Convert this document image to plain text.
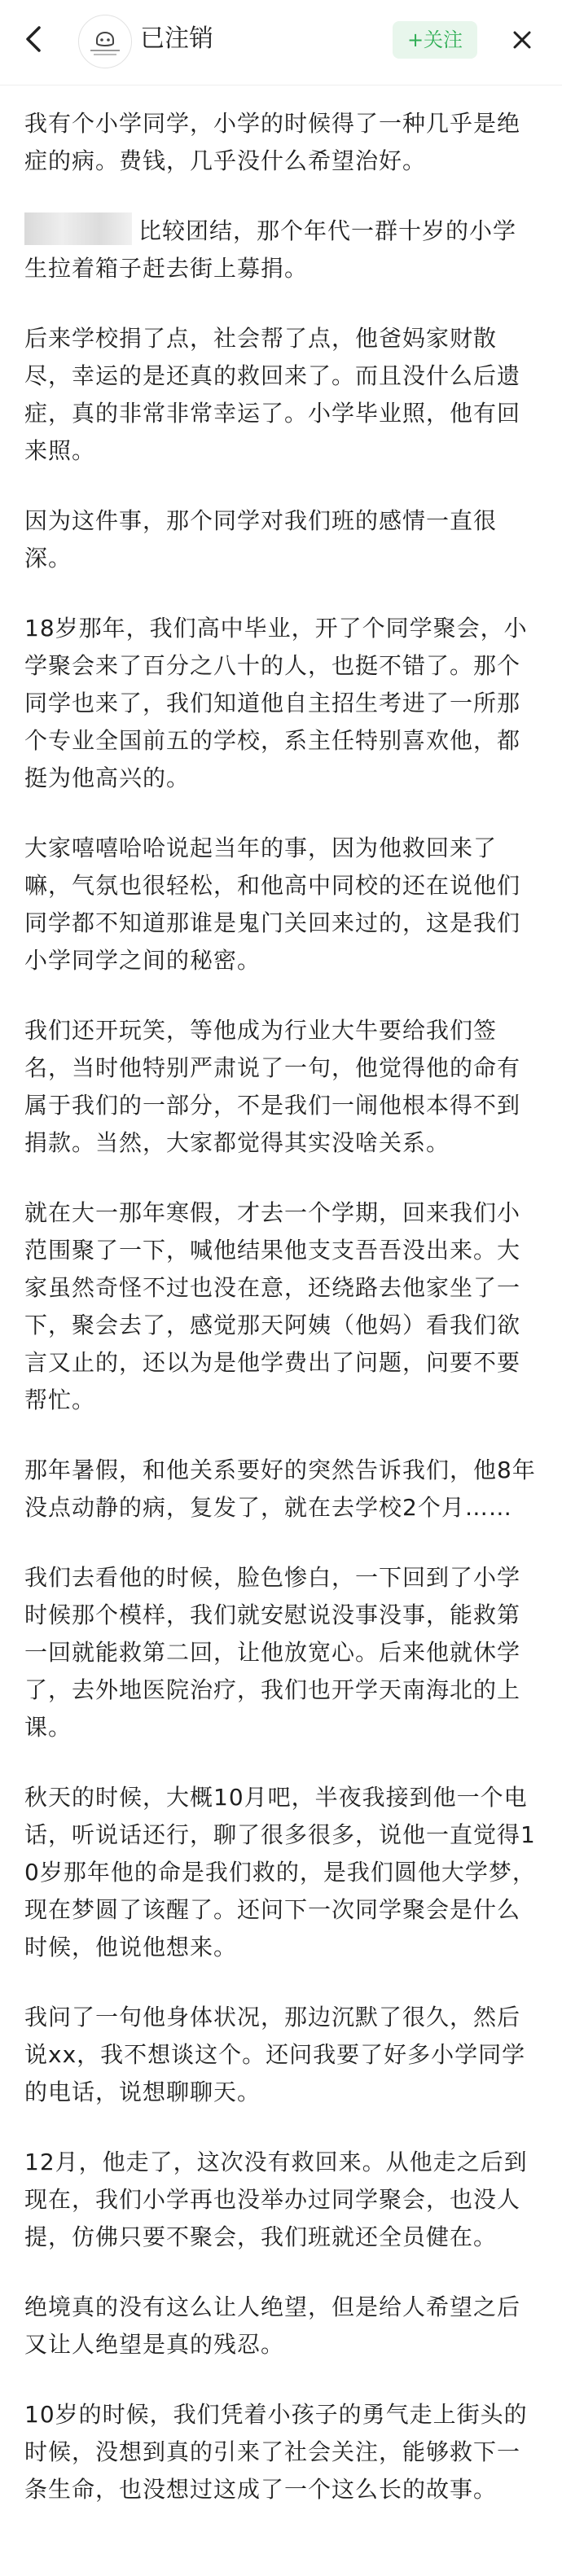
已注销	+关注

我有个小学同学，小学的时候得了一种几乎是绝症的病。费钱，几乎没什么希望治好。

比较团结，那个年代一群十岁的小学生拉着箱子赶去街上募捐。

后来学校捐了点，社会帮了点，他爸妈家财散尽，幸运的是还真的救回来了。而且没什么后遗症，真的非常非常幸运了。小学毕业照，他有回来照。

因为这件事，那个同学对我们班的感情一直很深。

18岁那年，我们高中毕业，开了个同学聚会，小学聚会来了百分之八十的人，也挺不错了。那个同学也来了，我们知道他自主招生考进了一所那个专业全国前五的学校，系主任特别喜欢他，都挺为他高兴的。

大家嘻嘻哈哈说起当年的事，因为他救回来了嘛，气氛也很轻松，和他高中同校的还在说他们同学都不知道那谁是鬼门关回来过的，这是我们小学同学之间的秘密。

我们还开玩笑，等他成为行业大牛要给我们签名，当时他特别严肃说了一句，他觉得他的命有属于我们的一部分，不是我们一闹他根本得不到捐款。当然，大家都觉得其实没啥关系。

就在大一那年寒假，才去一个学期，回来我们小范围聚了一下，喊他结果他支支吾吾没出来。大家虽然奇怪不过也没在意，还绕路去他家坐了一下，聚会去了，感觉那天阿姨（他妈）看我们欲言又止的，还以为是他学费出了问题，问要不要帮忙。

那年暑假，和他关系要好的突然告诉我们，他8年没点动静的病，复发了，就在去学校2个月……

我们去看他的时候，脸色惨白，一下回到了小学时候那个模样，我们就安慰说没事没事，能救第一回就能救第二回，让他放宽心。后来他就休学了，去外地医院治疗，我们也开学天南海北的上课。

秋天的时候，大概10月吧，半夜我接到他一个电话，听说话还行，聊了很多很多，说他一直觉得10岁那年他的命是我们救的，是我们圆他大学梦，现在梦圆了该醒了。还问下一次同学聚会是什么时候，他说他想来。

我问了一句他身体状况，那边沉默了很久，然后说xx，我不想谈这个。还问我要了好多小学同学的电话，说想聊聊天。

12月，他走了，这次没有救回来。从他走之后到现在，我们小学再也没举办过同学聚会，也没人提，仿佛只要不聚会，我们班就还全员健在。

绝境真的没有这么让人绝望，但是给人希望之后又让人绝望是真的残忍。

10岁的时候，我们凭着小孩子的勇气走上街头的时候，没想到真的引来了社会关注，能够救下一条生命，也没想过这成了一个这么长的故事。
